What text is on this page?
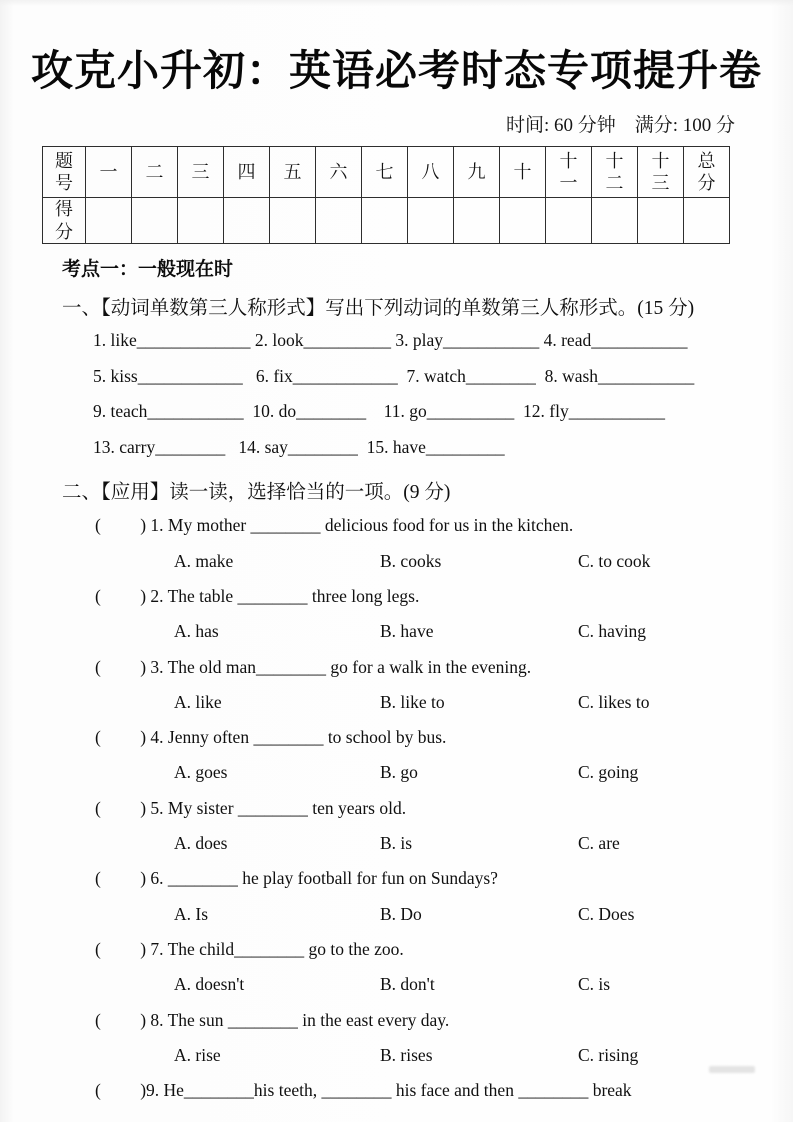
攻克小升初：英语必考时态专项提升卷
时间: 60 分钟　满分: 100 分
题号	一	二	三	四	五	六	七	八	九	十	十一	十二	十三	总分
得分														
考点一：一般现在时
一、【动词单数第三人称形式】写出下列动词的单数第三人称形式。(15 分)
1. like_____________ 2. look__________ 3. play___________ 4. read___________
5. kiss____________   6. fix____________  7. watch________  8. wash___________
9. teach___________  10. do________    11. go__________  12. fly___________
13. carry________   14. say________  15. have_________
二、【应用】读一读，选择恰当的一项。(9 分)
(         ) 1. My mother ________ delicious food for us in the kitchen.
A. make	B. cooks	C. to cook
(         ) 2. The table ________ three long legs.
A. has	B. have	C. having
(         ) 3. The old man________ go for a walk in the evening.
A. like	B. like to	C. likes to
(         ) 4. Jenny often ________ to school by bus.
A. goes	B. go	C. going
(         ) 5. My sister ________ ten years old.
A. does	B. is	C. are
(         ) 6. ________ he play football for fun on Sundays?
A. Is	B. Do	C. Does
(         ) 7. The child________ go to the zoo.
A. doesn't	B. don't	C. is
(         ) 8. The sun ________ in the east every day.
A. rise	B. rises	C. rising
(         )9. He________his teeth, ________ his face and then ________ break
